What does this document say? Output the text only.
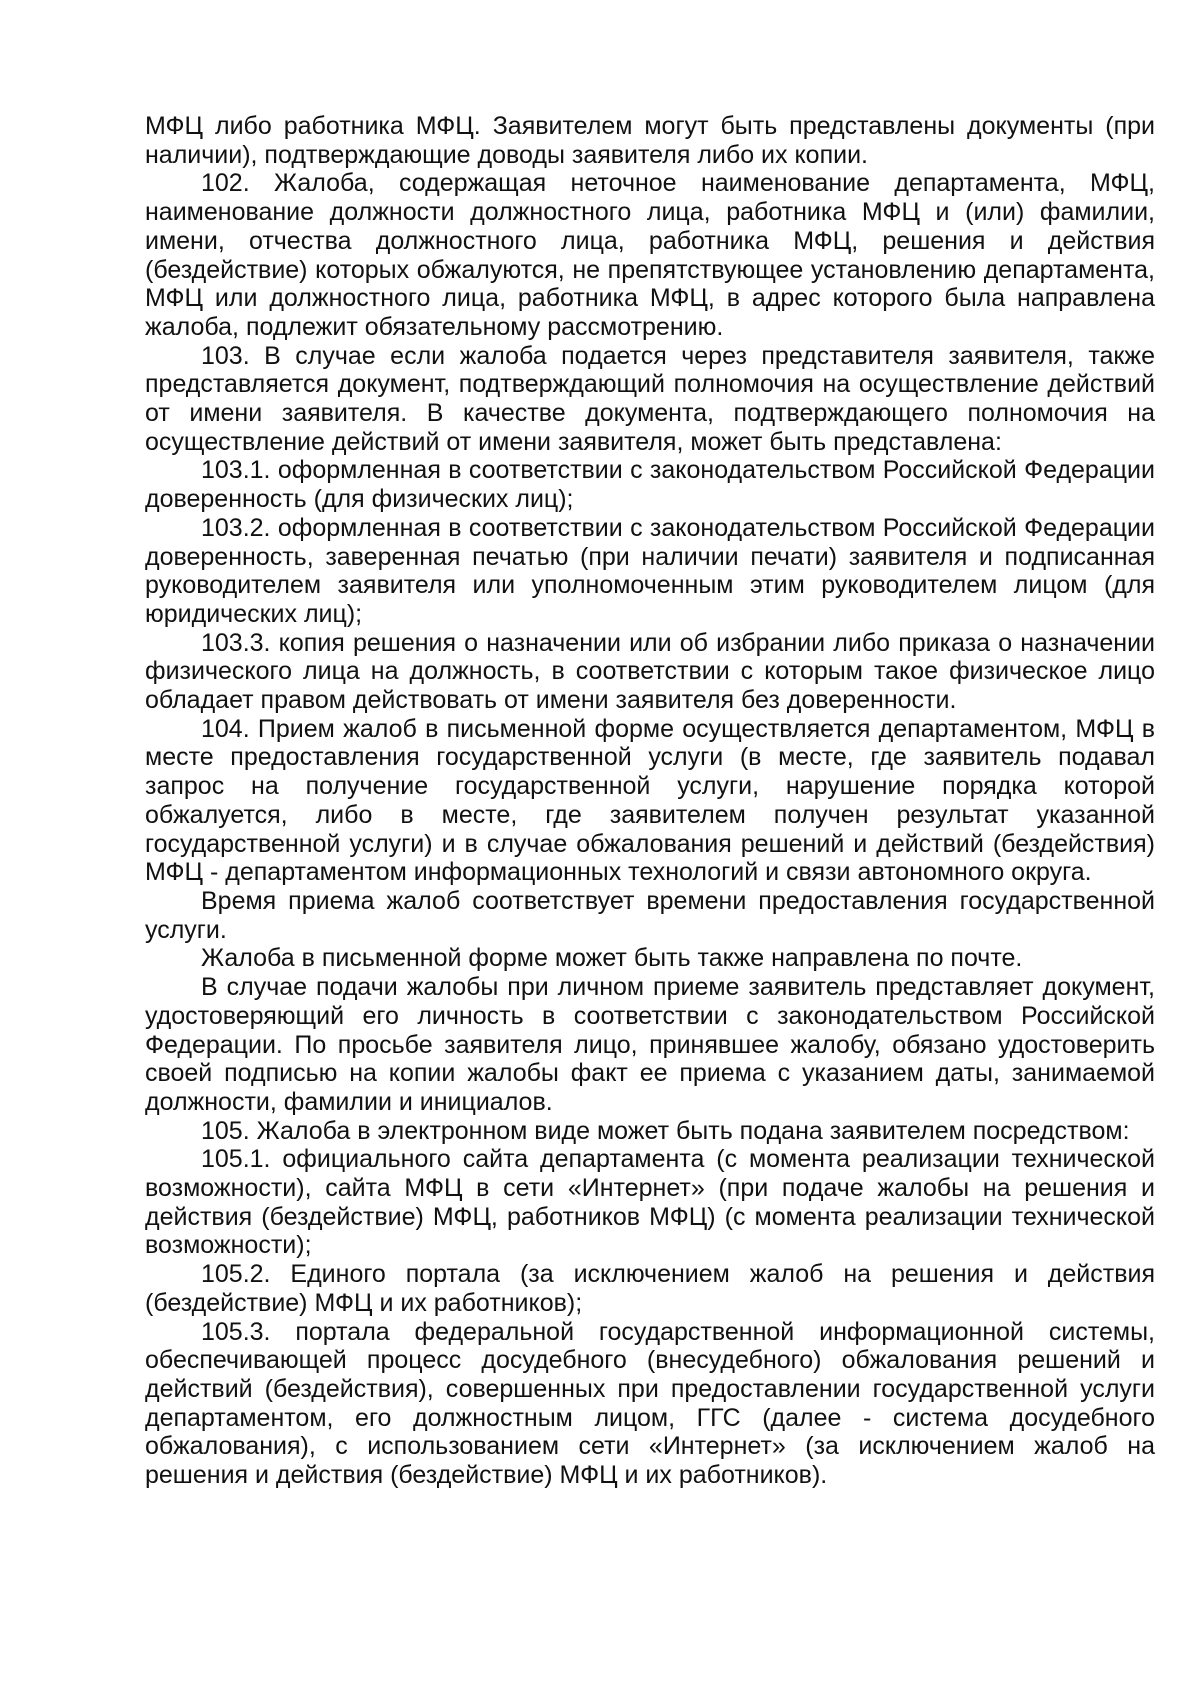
МФЦ либо работника МФЦ. Заявителем могут быть представлены документы (при наличии), подтверждающие доводы заявителя либо их копии.

102. Жалоба, содержащая неточное наименование департамента, МФЦ, наименование должности должностного лица, работника МФЦ и (или) фамилии, имени, отчества должностного лица, работника МФЦ, решения и действия (бездействие) которых обжалуются, не препятствующее установлению департамента, МФЦ или должностного лица, работника МФЦ, в адрес которого была направлена жалоба, подлежит обязательному рассмотрению.

103. В случае если жалоба подается через представителя заявителя, также представляется документ, подтверждающий полномочия на осуществление действий от имени заявителя. В качестве документа, подтверждающего полномочия на осуществление действий от имени заявителя, может быть представлена:

103.1. оформленная в соответствии с законодательством Российской Федерации доверенность (для физических лиц);

103.2. оформленная в соответствии с законодательством Российской Федерации доверенность, заверенная печатью (при наличии печати) заявителя и подписанная руководителем заявителя или уполномоченным этим руководителем лицом (для юридических лиц);

103.3. копия решения о назначении или об избрании либо приказа о назначении физического лица на должность, в соответствии с которым такое физическое лицо обладает правом действовать от имени заявителя без доверенности.

104. Прием жалоб в письменной форме осуществляется департаментом, МФЦ в месте предоставления государственной услуги (в месте, где заявитель подавал запрос на получение государственной услуги, нарушение порядка которой обжалуется, либо в месте, где заявителем получен результат указанной государственной услуги) и в случае обжалования решений и действий (бездействия) МФЦ - департаментом информационных технологий и связи автономного округа.

Время приема жалоб соответствует времени предоставления государственной услуги.

Жалоба в письменной форме может быть также направлена по почте.

В случае подачи жалобы при личном приеме заявитель представляет документ, удостоверяющий его личность в соответствии с законодательством Российской Федерации. По просьбе заявителя лицо, принявшее жалобу, обязано удостоверить своей подписью на копии жалобы факт ее приема с указанием даты, занимаемой должности, фамилии и инициалов.

105. Жалоба в электронном виде может быть подана заявителем посредством:

105.1. официального сайта департамента (с момента реализации технической возможности), сайта МФЦ в сети «Интернет» (при подаче жалобы на решения и действия (бездействие) МФЦ, работников МФЦ) (с момента реализации технической возможности);

105.2. Единого портала (за исключением жалоб на решения и действия (бездействие) МФЦ и их работников);

105.3. портала федеральной государственной информационной системы, обеспечивающей процесс досудебного (внесудебного) обжалования решений и действий (бездействия), совершенных при предоставлении государственной услуги департаментом, его должностным лицом, ГГС (далее - система досудебного обжалования), с использованием сети «Интернет» (за исключением жалоб на решения и действия (бездействие) МФЦ и их работников).
